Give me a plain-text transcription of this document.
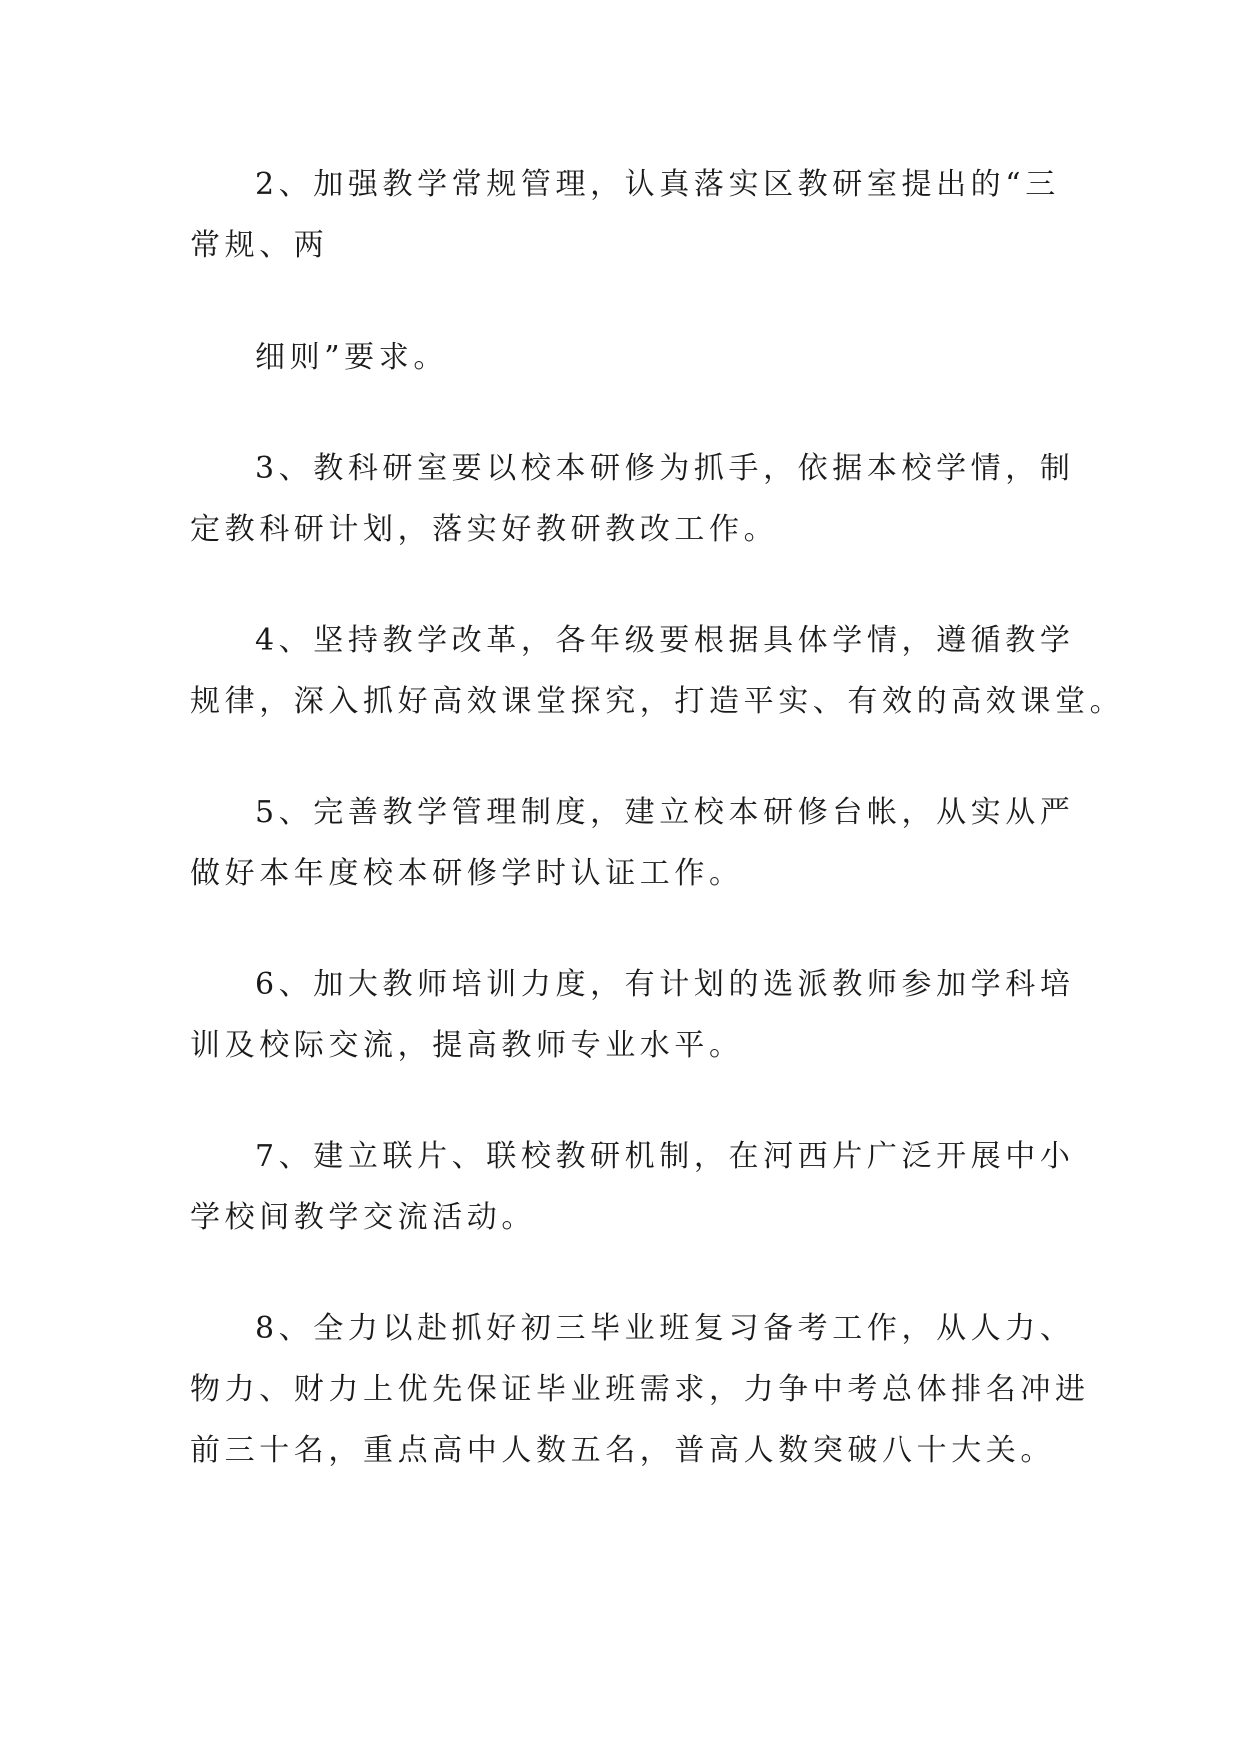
2、加强教学常规管理，认真落实区教研室提出的“三
常规、两
细则”要求。
3、教科研室要以校本研修为抓手，依据本校学情，制
定教科研计划，落实好教研教改工作。
4、坚持教学改革，各年级要根据具体学情，遵循教学
规律，深入抓好高效课堂探究，打造平实、有效的高效课堂。
5、完善教学管理制度，建立校本研修台帐，从实从严
做好本年度校本研修学时认证工作。
6、加大教师培训力度，有计划的选派教师参加学科培
训及校际交流，提高教师专业水平。
7、建立联片、联校教研机制，在河西片广泛开展中小
学校间教学交流活动。
8、全力以赴抓好初三毕业班复习备考工作，从人力、
物力、财力上优先保证毕业班需求，力争中考总体排名冲进
前三十名，重点高中人数五名，普高人数突破八十大关。
